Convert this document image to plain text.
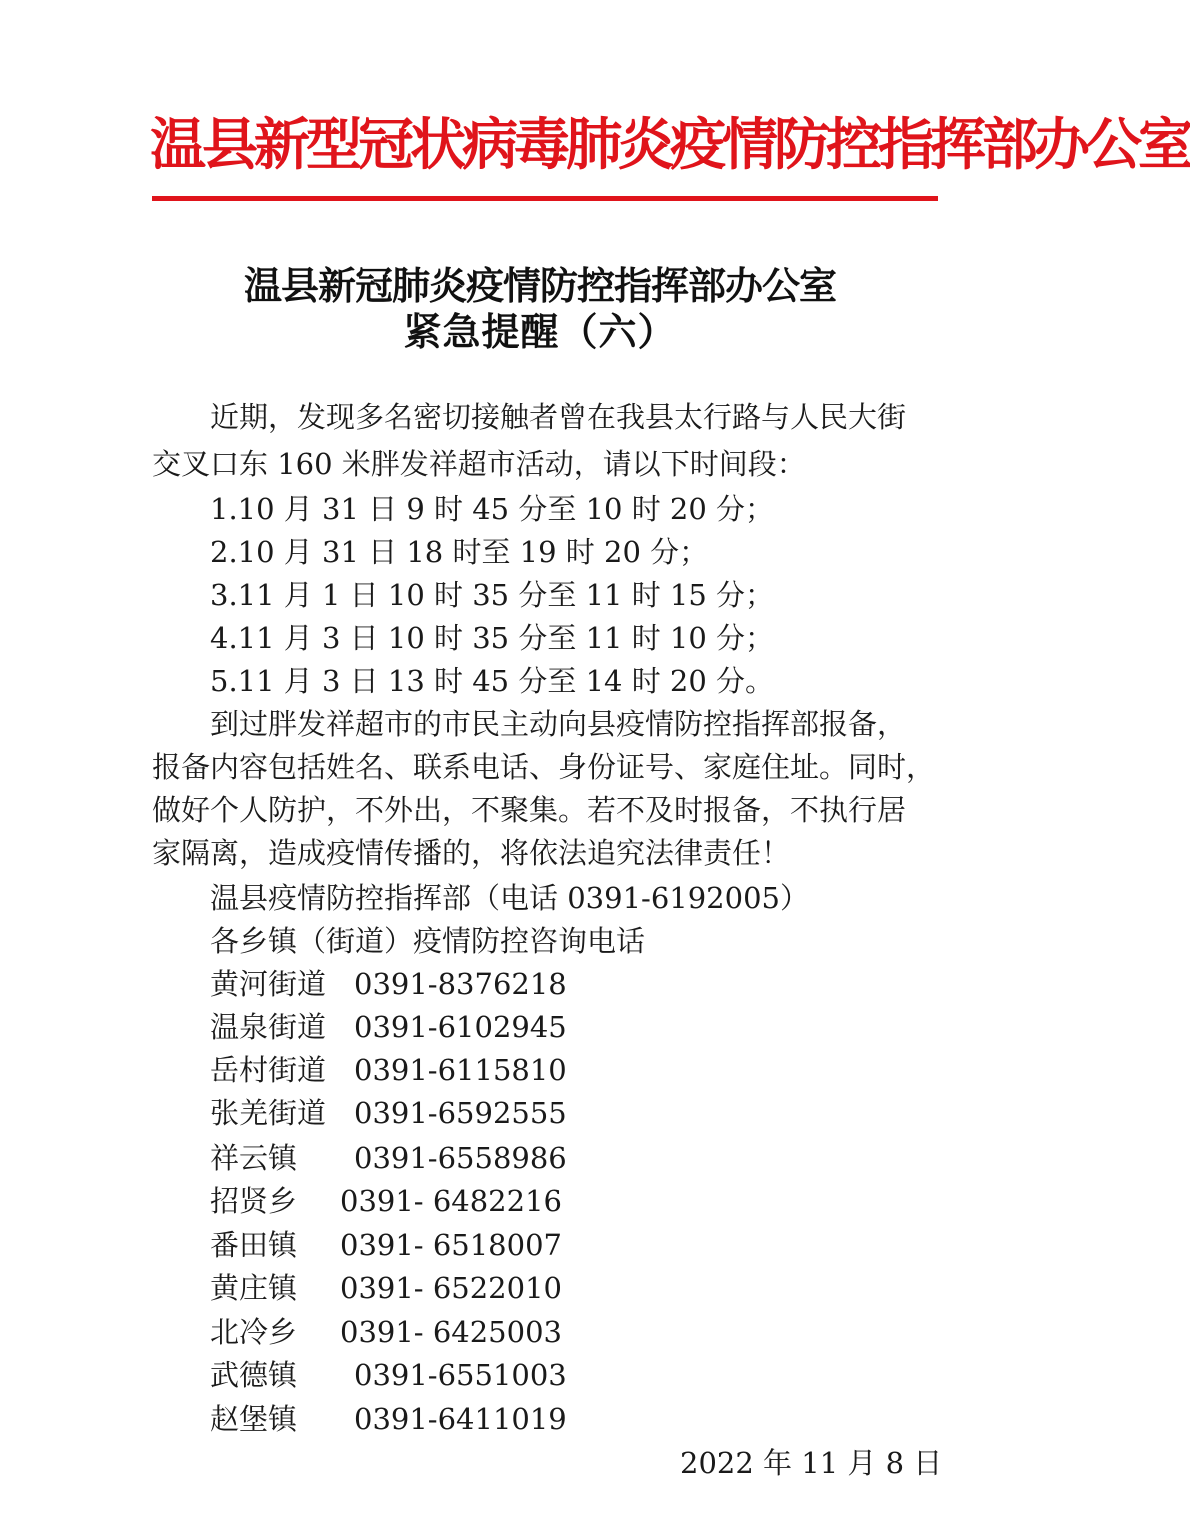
温县新型冠状病毒肺炎疫情防控指挥部办公室
温县新冠肺炎疫情防控指挥部办公室
紧急提醒（六）
近期，发现多名密切接触者曾在我县太行路与人民大街
交叉口东 160 米胖发祥超市活动，请以下时间段：
1.10 月 31 日 9 时 45 分至 10 时 20 分；
2.10 月 31 日 18 时至 19 时 20 分；
3.11 月 1 日 10 时 35 分至 11 时 15 分；
4.11 月 3 日 10 时 35 分至 11 时 10 分；
5.11 月 3 日 13 时 45 分至 14 时 20 分。
到过胖发祥超市的市民主动向县疫情防控指挥部报备，
报备内容包括姓名、联系电话、身份证号、家庭住址。同时，
做好个人防护，不外出，不聚集。若不及时报备，不执行居
家隔离，造成疫情传播的，将依法追究法律责任！
温县疫情防控指挥部（电话 0391-6192005）
各乡镇（街道）疫情防控咨询电话
黄河街道 0391-8376218
温泉街道 0391-6102945
岳村街道 0391-6115810
张羌街道 0391-6592555
祥云镇 0391-6558986
招贤乡 0391- 6482216
番田镇 0391- 6518007
黄庄镇 0391- 6522010
北冷乡 0391- 6425003
武德镇 0391-6551003
赵堡镇 0391-6411019
2022 年 11 月 8 日
